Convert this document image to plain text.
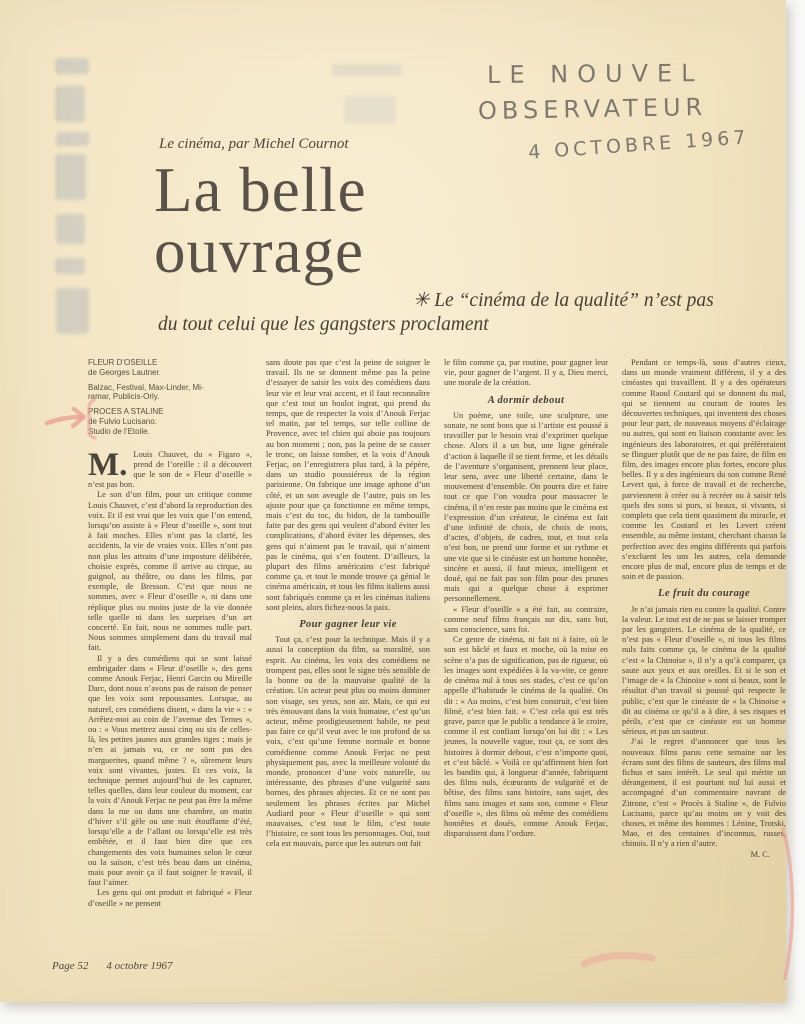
LE NOUVEL
OBSERVATEUR
4 OCTOBRE 1967
Le cinéma, par Michel Cournot
La belle
ouvrage
✳ Le “cinéma de la qualité” n’est pas
du tout celui que les gangsters proclament
FLEUR D’OSEILLE
de Georges Lautner.
Balzac, Festival, Max-Linder, Mi-
ramar, Publicis-Orly.
PROCES A STALINE
de Fulvio Lucisano.
Studio de l’Etoile.

M. Louis Chauvet, du « Figaro », prend de l’oreille : il a découvert que le son de « Fleur d’oseille » n’est pas bon.

Le son d’un film, pour un critique comme Louis Chauvet, c’est d’abord la reproduction des voix. Et il est vrai que les voix que l’on entend, lorsqu’on assiste à « Fleur d’oseille », sont tout à fait moches. Elles n’ont pas la clarté, les accidents, la vie de vraies voix. Elles n’ont pas non plus les attraits d’une imposture délibérée, choisie exprès, comme il arrive au cirque, au guignol, au théâtre, ou dans les films, par exemple, de Bresson. C’est que nous ne sommes, avec « Fleur d’oseille », ni dans une réplique plus ou moins juste de la vie donnée telle quelle ni dans les surprises d’un art concerté. En fait, nous ne sommes nulle part. Nous sommes simplement dans du travail mal fait.

Il y a des comédiens qui se sont laissé embrigader dans « Fleur d’oseille », des gens comme Anouk Ferjac, Henri Garcin ou Mireille Darc, dont nous n’avons pas de raison de penser que les voix sont repoussantes. Lorsque, au naturel, ces comédiens disent, « dans la vie » : « Arrêtez-moi au coin de l’avenue des Ternes », ou : « Vous mettrez aussi cinq ou six de celles-là, les petites jaunes aux grandes tiges ; mais je n’en ai jamais vu, ce ne sont pas des marguerites, quand même ? », sûrement leurs voix sont vivantes, justes. Et ces voix, la technique permet aujourd’hui de les capturer, telles quelles, dans leur couleur du moment, car la voix d’Anouk Ferjac ne peut pas être la même dans la rue ou dans une chambre, un matin d’hiver s’il gèle ou une nuit étouffante d’été, lorsqu’elle a de l’allant ou lorsqu’elle est très embêtée, et il faut bien dire que ces changements des voix humaines selon le cœur ou la saison, c’est très beau dans un cinéma, mais pour avoir ça il faut soigner le travail, il faut l’aimer.

Les gens qui ont produit et fabriqué « Fleur d’oseille » ne pensent

sans doute pas que c’est la peine de soigner le travail. Ils ne se donnent même pas la peine d’essayer de saisir les voix des comédiens dans leur vie et leur vrai accent, et il faut reconnaître que c’est tout un boulot ingrat, qui prend du temps, que de respecter la voix d’Anouk Ferjac tel matin, par tel temps, sur telle colline de Provence, avec tel chien qui aboie pas toujours au bon moment ; non, pas la peine de se casser le tronc, on laisse tomber, et la voix d’Anouk Ferjac, on l’enregistrera plus tard, à la pépère, dans un studio poussiéreux de la région parisienne. On fabrique une image aphone d’un côté, et un son aveugle de l’autre, puis on les ajuste pour que ça fonctionne en même temps, mais c’est du toc, du bidon, de la tambouille faite par des gens qui veulent d’abord éviter les complications, d’abord éviter les dépenses, des gens qui n’aiment pas le travail, qui n’aiment pas le cinéma, qui s’en foutent. D’ailleurs, la plupart des films américains c’est fabriqué comme ça, et tout le monde trouve ça génial le cinéma américain, et tous les films italiens aussi sont fabriqués comme ça et les cinémas italiens sont pleins, alors fichez-nous la paix.

Pour gagner leur vie

Tout ça, c’est pour la technique. Mais il y a aussi la conception du film, sa moralité, son esprit. Au cinéma, les voix des comédiens ne trompent pas, elles sont le signe très sensible de la bonne ou de la mauvaise qualité de la création. Un acteur peut plus ou moins dominer son visage, ses yeux, son air. Mais, ce qui est très émouvant dans la voix humaine, c’est qu’un acteur, même prodigieusement habile, ne peut pas faire ce qu’il veut avec le ton profond de sa voix, c’est qu’une femme normale et bonne comédienne comme Anouk Ferjac ne peut physiquement pas, avec la meilleure volonté du monde, prononcer d’une voix naturelle, ou intéressante, des phrases d’une vulgarité sans bornes, des phrases abjectes. Et ce ne sont pas seulement les phrases écrites par Michel Audiard pour « Fleur d’oseille » qui sont mauvaises, c’est tout le film, c’est toute l’histoire, ce sont tous les personnages. Oui, tout cela est mauvais, parce que les auteurs ont fait

le film comme ça, par routine, pour gagner leur vie, pour gagner de l’argent. Il y a, Dieu merci, une morale de la création.

A dormir debout

Un poème, une toile, une sculpture, une sonate, ne sont bons que si l’artiste est poussé à travailler par le besoin vrai d’exprimer quelque chose. Alors il a un but, une ligne générale d’action à laquelle il se tient ferme, et les détails de l’aventure s’organisent, prennent leur place, leur sens, avec une liberté certaine, dans le mouvement d’ensemble. On pourra dire et faire tout ce que l’on voudra pour massacrer le cinéma, il n’en reste pas moins que le cinéma est l’expression d’un créateur, le cinéma est fait d’une infinité de choix, de choix de mots, d’actes, d’objets, de cadres, tout, et tout cela n’est bon, ne prend une forme et un rythme et une vie que si le cinéaste est un homme honnête, sincère et aussi, il faut mieux, intelligent et doué, qui ne fait pas son film pour des prunes mais qui a quelque chose à exprimer personnellement.

« Fleur d’oseille » a été fait, au contraire, comme neuf films français sur dix, sans but, sans conscience, sans foi.

Ce genre de cinéma, ni fait ni à faire, où le son est bâclé et faux et moche, où la mise en scène n’a pas de signification, pas de rigueur, où les images sont expédiées à la va-vite, ce genre de cinéma nul à tous ses stades, c’est ce qu’on appelle d’habitude le cinéma de la qualité. On dit : « Au moins, c’est bien construit, c’est bien filmé, c’est bien fait. » C’est cela qui est très grave, parce que le public a tendance à le croire, comme il est confiant lorsqu’on lui dit : « Les jeunes, la nouvelle vague, tout ça, ce sont des histoires à dormir debout, c’est n’importe quoi, et c’est bâclé. » Voilà ce qu’affirment bien fort les bandits qui, à longueur d’année, fabriquent des films nuls, écœurants de vulgarité et de bêtise, des films sans histoire, sans sujet, des films sans images et sans son, comme « Fleur d’oseille », des films où même des comédiens honnêtes et doués, comme Anouk Ferjac, disparaissent dans l’ordure.

Pendant ce temps-là, sous d’autres cieux, dans un monde vraiment différent, il y a des cinéastes qui travaillent. Il y a des opérateurs comme Raoul Coutard qui se donnent du mal, qui se tiennent au courant de toutes les découvertes techniques, qui inventent des choses pour leur part, de nouveaux moyens d’éclairage ou autres, qui sont en liaison constante avec les ingénieurs des laboratoires, et qui préféreraient se flinguer plutôt que de ne pas faire, de film en film, des images encore plus fortes, encore plus belles. Il y a des ingénieurs du son comme René Levert qui, à force de travail et de recherche, parviennent à créer ou à recréer ou à saisir tels quels des sons si purs, si beaux, si vivants, si complets que cela tient quasiment du miracle, et comme les Coutard et les Levert créent ensemble, au même instant, cherchant chacun la perfection avec des engins différents qui parfois s’excluent les uns les autres, cela demande encore plus de mal, encore plus de temps et de soin et de passion.

Le fruit du courage

Je n’ai jamais rien eu contre la qualité. Contre la valeur. Le tout est de ne pas se laisser tromper par les gangsters. Le cinéma de la qualité, ce n’est pas « Fleur d’oseille », ni tous les films nuls faits comme ça, le cinéma de la qualité c’est « la Chinoise », il n’y a qu’à comparer, ça saute aux yeux et aux oreilles. Et si le son et l’image de « la Chinoise » sont si beaux, sont le résultat d’un travail si poussé qui respecte le public, c’est que le cinéaste de « la Chinoise » dit au cinéma ce qu’il a à dire, à ses risques et périls, c’est que ce cinéaste est un homme sérieux, et pas un sauteur.

J’ai le regret d’annoncer que tous les nouveaux films parus cette semaine sur les écrans sont des films de sauteurs, des films mal fichus et sans intérêt. Le seul qui mérite un dérangement, il est pourtant nul lui aussi et accompagné d’un commentaire navrant de Zitrone, c’est « Procès à Staline », de Fulvio Lucisano, parce qu’au moins on y voit des choses, et même des hommes : Lénine, Trotski, Mao, et des centaines d’inconnus, russes, chinois. Il n’y a rien d’autre.

M. C.

Page 52 4 octobre 1967
